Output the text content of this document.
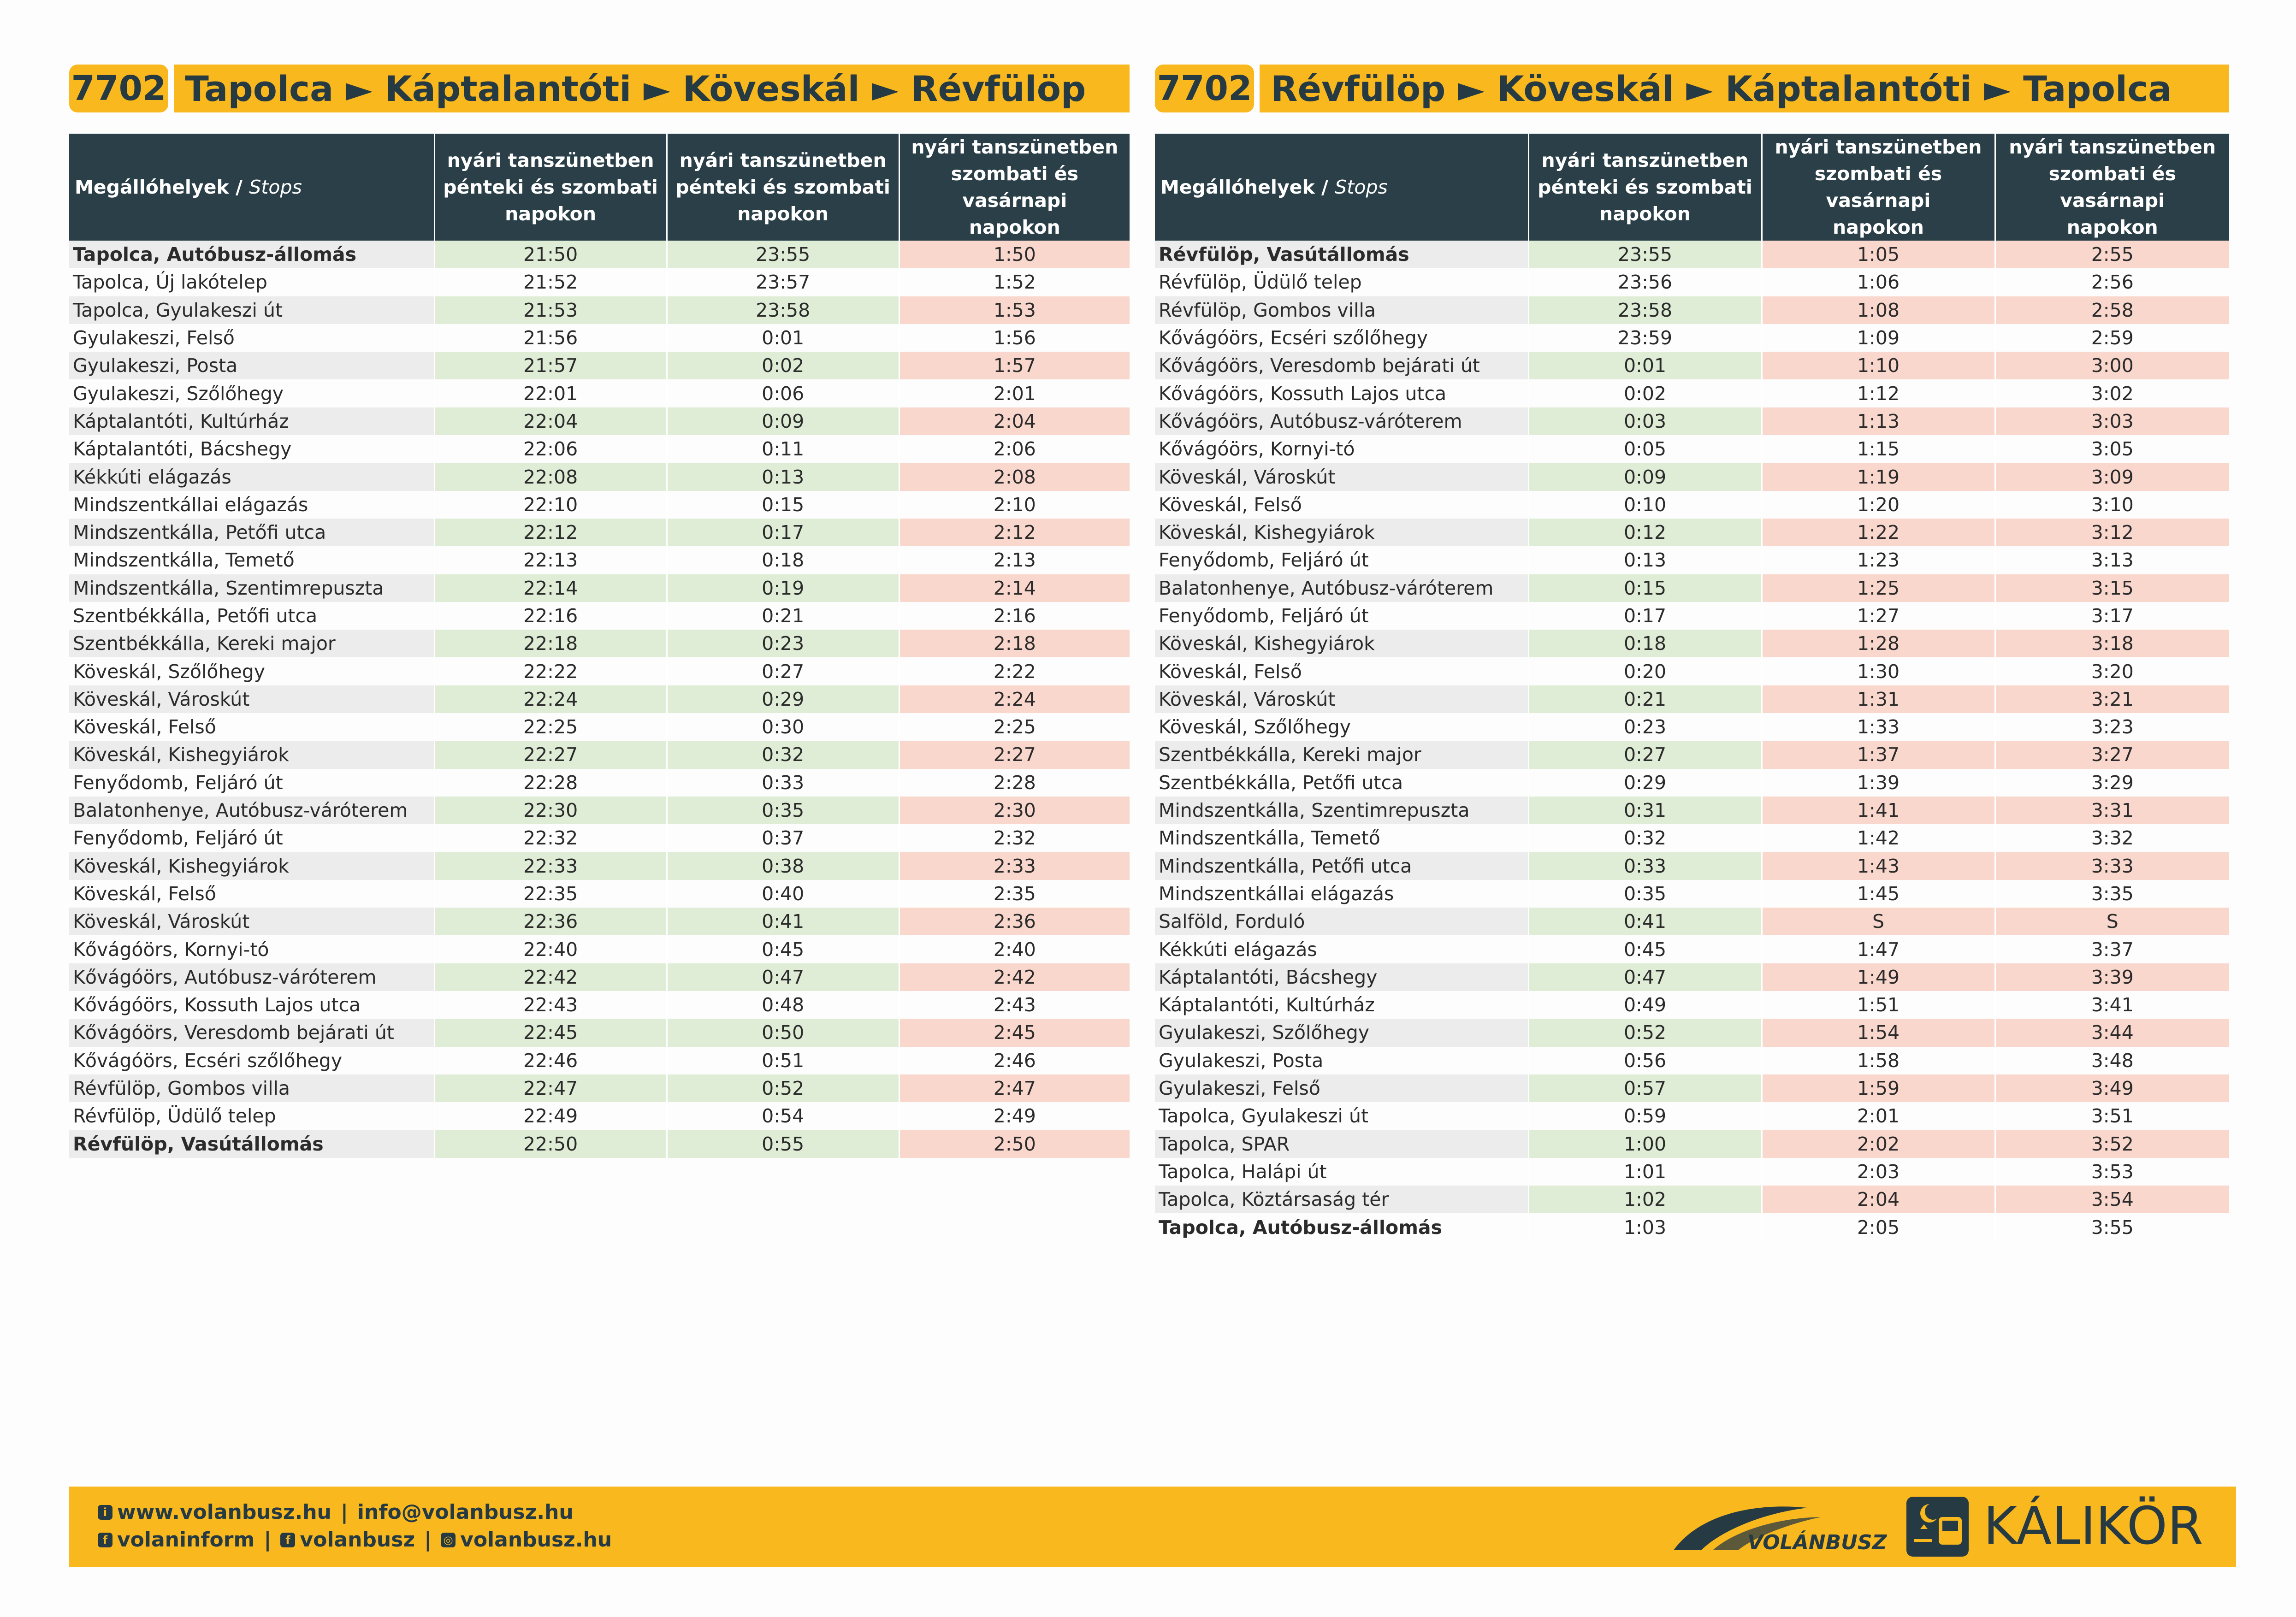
7702 Tapolca ► Káptalantóti ► Köveskál ► Révfülöp
Megállóhelyek / Stops	nyári tanszünetben
pénteki és szombati
napokon	nyári tanszünetben
pénteki és szombati
napokon	nyári tanszünetben
szombati és vasárnapi
napokon
Tapolca, Autóbusz-állomás	21:50	23:55	1:50
Tapolca, Új lakótelep	21:52	23:57	1:52
Tapolca, Gyulakeszi út	21:53	23:58	1:53
Gyulakeszi, Felső	21:56	0:01	1:56
Gyulakeszi, Posta	21:57	0:02	1:57
Gyulakeszi, Szőlőhegy	22:01	0:06	2:01
Káptalantóti, Kultúrház	22:04	0:09	2:04
Káptalantóti, Bácshegy	22:06	0:11	2:06
Kékkúti elágazás	22:08	0:13	2:08
Mindszentkállai elágazás	22:10	0:15	2:10
Mindszentkálla, Petőfi utca	22:12	0:17	2:12
Mindszentkálla, Temető	22:13	0:18	2:13
Mindszentkálla, Szentimrepuszta	22:14	0:19	2:14
Szentbékkálla, Petőfi utca	22:16	0:21	2:16
Szentbékkálla, Kereki major	22:18	0:23	2:18
Köveskál, Szőlőhegy	22:22	0:27	2:22
Köveskál, Városkút	22:24	0:29	2:24
Köveskál, Felső	22:25	0:30	2:25
Köveskál, Kishegyiárok	22:27	0:32	2:27
Fenyődomb, Feljáró út	22:28	0:33	2:28
Balatonhenye, Autóbusz-váróterem	22:30	0:35	2:30
Fenyődomb, Feljáró út	22:32	0:37	2:32
Köveskál, Kishegyiárok	22:33	0:38	2:33
Köveskál, Felső	22:35	0:40	2:35
Köveskál, Városkút	22:36	0:41	2:36
Kővágóörs, Kornyi-tó	22:40	0:45	2:40
Kővágóörs, Autóbusz-váróterem	22:42	0:47	2:42
Kővágóörs, Kossuth Lajos utca	22:43	0:48	2:43
Kővágóörs, Veresdomb bejárati út	22:45	0:50	2:45
Kővágóörs, Ecséri szőlőhegy	22:46	0:51	2:46
Révfülöp, Gombos villa	22:47	0:52	2:47
Révfülöp, Üdülő telep	22:49	0:54	2:49
Révfülöp, Vasútállomás	22:50	0:55	2:50
7702 Révfülöp ► Köveskál ► Káptalantóti ► Tapolca
Megállóhelyek / Stops	nyári tanszünetben
pénteki és szombati
napokon	nyári tanszünetben
szombati és vasárnapi
napokon	nyári tanszünetben
szombati és vasárnapi
napokon
Révfülöp, Vasútállomás	23:55	1:05	2:55
Révfülöp, Üdülő telep	23:56	1:06	2:56
Révfülöp, Gombos villa	23:58	1:08	2:58
Kővágóörs, Ecséri szőlőhegy	23:59	1:09	2:59
Kővágóörs, Veresdomb bejárati út	0:01	1:10	3:00
Kővágóörs, Kossuth Lajos utca	0:02	1:12	3:02
Kővágóörs, Autóbusz-váróterem	0:03	1:13	3:03
Kővágóörs, Kornyi-tó	0:05	1:15	3:05
Köveskál, Városkút	0:09	1:19	3:09
Köveskál, Felső	0:10	1:20	3:10
Köveskál, Kishegyiárok	0:12	1:22	3:12
Fenyődomb, Feljáró út	0:13	1:23	3:13
Balatonhenye, Autóbusz-váróterem	0:15	1:25	3:15
Fenyődomb, Feljáró út	0:17	1:27	3:17
Köveskál, Kishegyiárok	0:18	1:28	3:18
Köveskál, Felső	0:20	1:30	3:20
Köveskál, Városkút	0:21	1:31	3:21
Köveskál, Szőlőhegy	0:23	1:33	3:23
Szentbékkálla, Kereki major	0:27	1:37	3:27
Szentbékkálla, Petőfi utca	0:29	1:39	3:29
Mindszentkálla, Szentimrepuszta	0:31	1:41	3:31
Mindszentkálla, Temető	0:32	1:42	3:32
Mindszentkálla, Petőfi utca	0:33	1:43	3:33
Mindszentkállai elágazás	0:35	1:45	3:35
Salföld, Forduló	0:41	S	S
Kékkúti elágazás	0:45	1:47	3:37
Káptalantóti, Bácshegy	0:47	1:49	3:39
Káptalantóti, Kultúrház	0:49	1:51	3:41
Gyulakeszi, Szőlőhegy	0:52	1:54	3:44
Gyulakeszi, Posta	0:56	1:58	3:48
Gyulakeszi, Felső	0:57	1:59	3:49
Tapolca, Gyulakeszi út	0:59	2:01	3:51
Tapolca, SPAR	1:00	2:02	3:52
Tapolca, Halápi út	1:01	2:03	3:53
Tapolca, Köztársaság tér	1:02	2:04	3:54
Tapolca, Autóbusz-állomás	1:03	2:05	3:55
i www.volanbusz.hu | info@volanbusz.hu
f volaninform |	f volanbusz | ◎ volanbusz.hu	VOLÁNBUSZ KÁLIKÖR
